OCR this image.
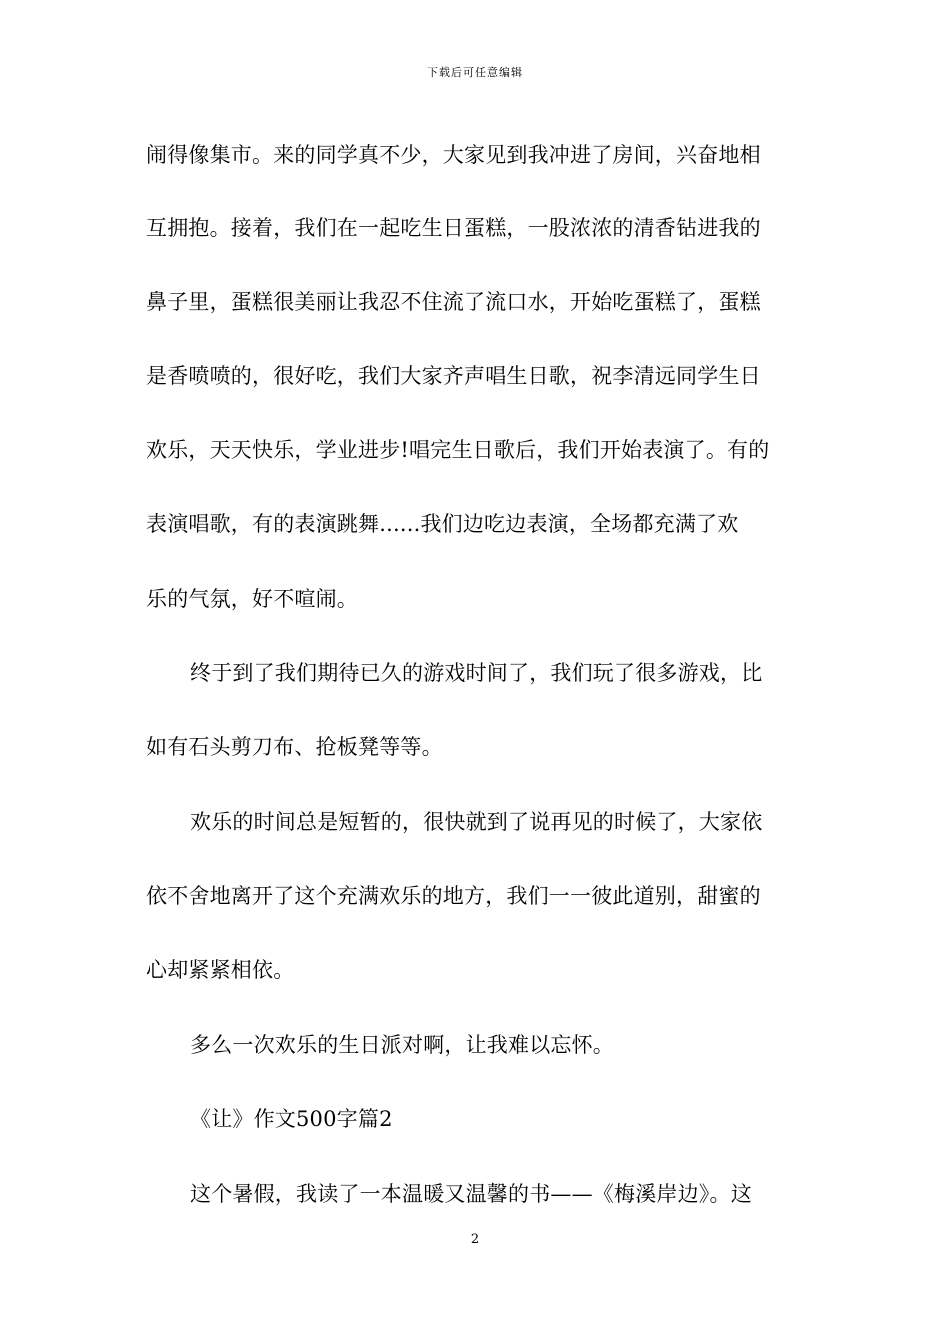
下载后可任意编辑
闹得像集市。来的同学真不少，大家见到我冲进了房间，兴奋地相
互拥抱。接着，我们在一起吃生日蛋糕，一股浓浓的清香钻进我的
鼻子里，蛋糕很美丽让我忍不住流了流口水，开始吃蛋糕了，蛋糕
是香喷喷的，很好吃，我们大家齐声唱生日歌，祝李清远同学生日
欢乐，天天快乐，学业进步!唱完生日歌后，我们开始表演了。有的
表演唱歌，有的表演跳舞......我们边吃边表演，全场都充满了欢
乐的气氛，好不喧闹。
终于到了我们期待已久的游戏时间了，我们玩了很多游戏，比
如有石头剪刀布、抢板凳等等。
欢乐的时间总是短暂的，很快就到了说再见的时候了，大家依
依不舍地离开了这个充满欢乐的地方，我们一一彼此道别，甜蜜的
心却紧紧相依。
多么一次欢乐的生日派对啊，让我难以忘怀。
《让》作文500字篇2
这个暑假，我读了一本温暖又温馨的书——《梅溪岸边》。这
2
